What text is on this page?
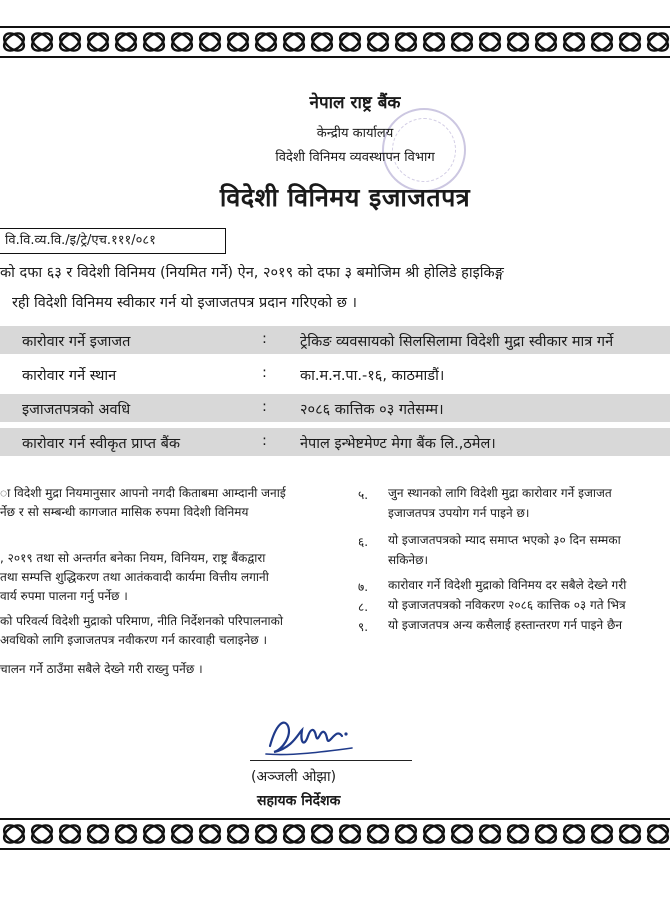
नेपाल राष्ट्र बैंक
केन्द्रीय कार्यालय
विदेशी विनिमय व्यवस्थापन विभाग
विदेशी विनिमय इजाजतपत्र
वि.वि.व्य.वि./इ/ट्रे/एच.१११/०८१
को दफा ६३ र विदेशी विनिमय (नियमित गर्ने) ऐन, २०१९ को दफा ३ बमोजिम श्री होलिडे हाइकिङ्ग
रही विदेशी विनिमय स्वीकार गर्न यो इजाजतपत्र प्रदान गरिएको छ ।
कारोवार गर्ने इजाजत	: ट्रेकिङ व्यवसायको सिलसिलामा विदेशी मुद्रा स्वीकार मात्र गर्ने
कारोवार गर्ने स्थान	: का.म.न.पा.-१६, काठमाडौं।
इजाजतपत्रको अवधि	: २०८६ कात्तिक ०३ गतेसम्म।
कारोवार गर्न स्वीकृत प्राप्त बैंक	: नेपाल इन्भेष्टमेण्ट मेगा बैंक लि.,ठमेल।
ा विदेशी मुद्रा नियमानुसार आपनो नगदी किताबमा आम्दानी जनाई
र्नेछ र सो सम्बन्धी कागजात मासिक रुपमा विदेशी विनिमय
, २०१९ तथा सो अन्तर्गत बनेका नियम, विनियम, राष्ट्र बैंकद्वारा
तथा सम्पत्ति शुद्धिकरण तथा आतंकवादी कार्यमा वित्तीय लगानी
वार्य रुपमा पालना गर्नु पर्नेछ ।
को परिवर्त्य विदेशी मुद्राको परिमाण, नीति निर्देशनको परिपालनाको
अवधिको लागि इजाजतपत्र नवीकरण गर्न कारवाही चलाइनेछ ।
चालन गर्ने ठाउँमा सबैले देख्ने गरी राख्नु पर्नेछ ।
५. जुन स्थानको लागि विदेशी मुद्रा कारोवार गर्ने इजाजत
इजाजतपत्र उपयोग गर्न पाइने छ।
६. यो इजाजतपत्रको म्याद समाप्त भएको ३० दिन सम्मका
सकिनेछ।
७. कारोवार गर्ने विदेशी मुद्राको विनिमय दर सबैले देख्ने गरी
८. यो इजाजतपत्रको नविकरण २०८६ कात्तिक ०३ गते भित्र
९. यो इजाजतपत्र अन्य कसैलाई हस्तान्तरण गर्न पाइने छैन
(अञ्जली ओझा)
सहायक निर्देशक
